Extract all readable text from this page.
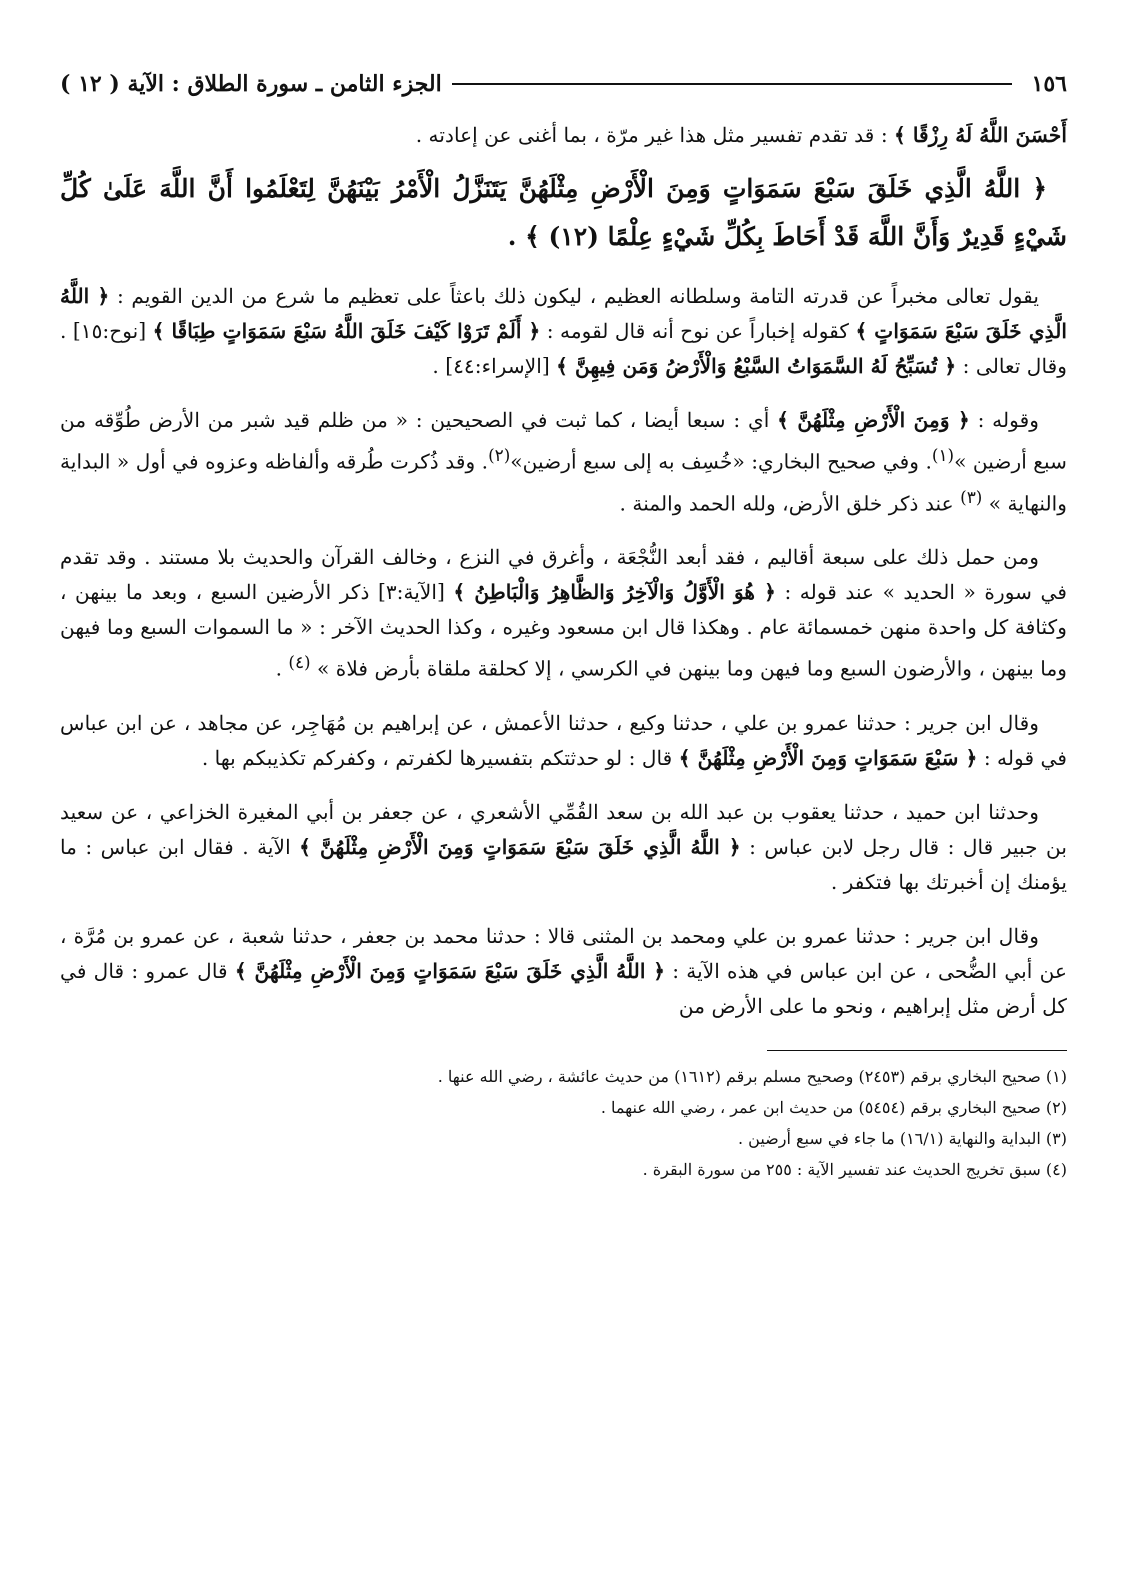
١٥٦
الجزء الثامن ـ سورة الطلاق : الآية ( ١٢ )

أَحْسَنَ اللَّهُ لَهُ رِزْقًا ﴾ : قد تقدم تفسير مثل هذا غير مرّة ، بما أغنى عن إعادته .

﴿ اللَّهُ الَّذِي خَلَقَ سَبْعَ سَمَوَاتٍ وَمِنَ الْأَرْضِ مِثْلَهُنَّ يَتَنَزَّلُ الْأَمْرُ بَيْنَهُنَّ لِتَعْلَمُوا أَنَّ اللَّهَ عَلَىٰ كُلِّ شَيْءٍ قَدِيرٌ وَأَنَّ اللَّهَ قَدْ أَحَاطَ بِكُلِّ شَيْءٍ عِلْمًا (١٢) ﴾ .

يقول تعالى مخبراً عن قدرته التامة وسلطانه العظيم ، ليكون ذلك باعثاً على تعظيم ما شرع من الدين القويم : ﴿ اللَّهُ الَّذِي خَلَقَ سَبْعَ سَمَوَاتٍ ﴾ كقوله إخباراً عن نوح أنه قال لقومه : ﴿ أَلَمْ تَرَوْا كَيْفَ خَلَقَ اللَّهُ سَبْعَ سَمَوَاتٍ طِبَاقًا ﴾ [نوح:١٥] . وقال تعالى : ﴿ تُسَبِّحُ لَهُ السَّمَوَاتُ السَّبْعُ وَالْأَرْضُ وَمَن فِيهِنَّ ﴾ [الإسراء:٤٤] .

وقوله : ﴿ وَمِنَ الْأَرْضِ مِثْلَهُنَّ ﴾ أي : سبعا أيضا ، كما ثبت في الصحيحين : « من ظلم قيد شبر من الأرض طُوِّقه من سبع أرضين »$^{(١)}$. وفي صحيح البخاري: «خُسِف به إلى سبع أرضين»$^{(٢)}$. وقد ذُكرت طُرقه وألفاظه وعزوه في أول « البداية والنهاية » $^{(٣)}$ عند ذكر خلق الأرض، ولله الحمد والمنة .

ومن حمل ذلك على سبعة أقاليم ، فقد أبعد النُّجْعَة ، وأغرق في النزع ، وخالف القرآن والحديث بلا مستند . وقد تقدم في سورة « الحديد » عند قوله : ﴿ هُوَ الْأَوَّلُ وَالْآخِرُ وَالظَّاهِرُ وَالْبَاطِنُ ﴾ [الآية:٣] ذكر الأرضين السبع ، وبعد ما بينهن ، وكثافة كل واحدة منهن خمسمائة عام . وهكذا قال ابن مسعود وغيره ، وكذا الحديث الآخر : « ما السموات السبع وما فيهن وما بينهن ، والأرضون السبع وما فيهن وما بينهن في الكرسي ، إلا كحلقة ملقاة بأرض فلاة » $^{(٤)}$ .

وقال ابن جرير : حدثنا عمرو بن علي ، حدثنا وكيع ، حدثنا الأعمش ، عن إبراهيم بن مُهَاجِر، عن مجاهد ، عن ابن عباس في قوله : ﴿ سَبْعَ سَمَوَاتٍ وَمِنَ الْأَرْضِ مِثْلَهُنَّ ﴾ قال : لو حدثتكم بتفسيرها لكفرتم ، وكفركم تكذيبكم بها .

وحدثنا ابن حميد ، حدثنا يعقوب بن عبد الله بن سعد القُمِّي الأشعري ، عن جعفر بن أبي المغيرة الخزاعي ، عن سعيد بن جبير قال : قال رجل لابن عباس : ﴿ اللَّهُ الَّذِي خَلَقَ سَبْعَ سَمَوَاتٍ وَمِنَ الْأَرْضِ مِثْلَهُنَّ ﴾ الآية . فقال ابن عباس : ما يؤمنك إن أخبرتك بها فتكفر .

وقال ابن جرير : حدثنا عمرو بن علي ومحمد بن المثنى قالا : حدثنا محمد بن جعفر ، حدثنا شعبة ، عن عمرو بن مُرَّة ، عن أبي الضُّحى ، عن ابن عباس في هذه الآية : ﴿ اللَّهُ الَّذِي خَلَقَ سَبْعَ سَمَوَاتٍ وَمِنَ الْأَرْضِ مِثْلَهُنَّ ﴾ قال عمرو : قال في كل أرض مثل إبراهيم ، ونحو ما على الأرض من

(١) صحيح البخاري برقم (٢٤٥٣) وصحيح مسلم برقم (١٦١٢) من حديث عائشة ، رضي الله عنها .

(٢) صحيح البخاري برقم (٥٤٥٤) من حديث ابن عمر ، رضي الله عنهما .

(٣) البداية والنهاية (١٦/١) ما جاء في سبع أرضين .

(٤) سبق تخريج الحديث عند تفسير الآية : ٢٥٥ من سورة البقرة .
